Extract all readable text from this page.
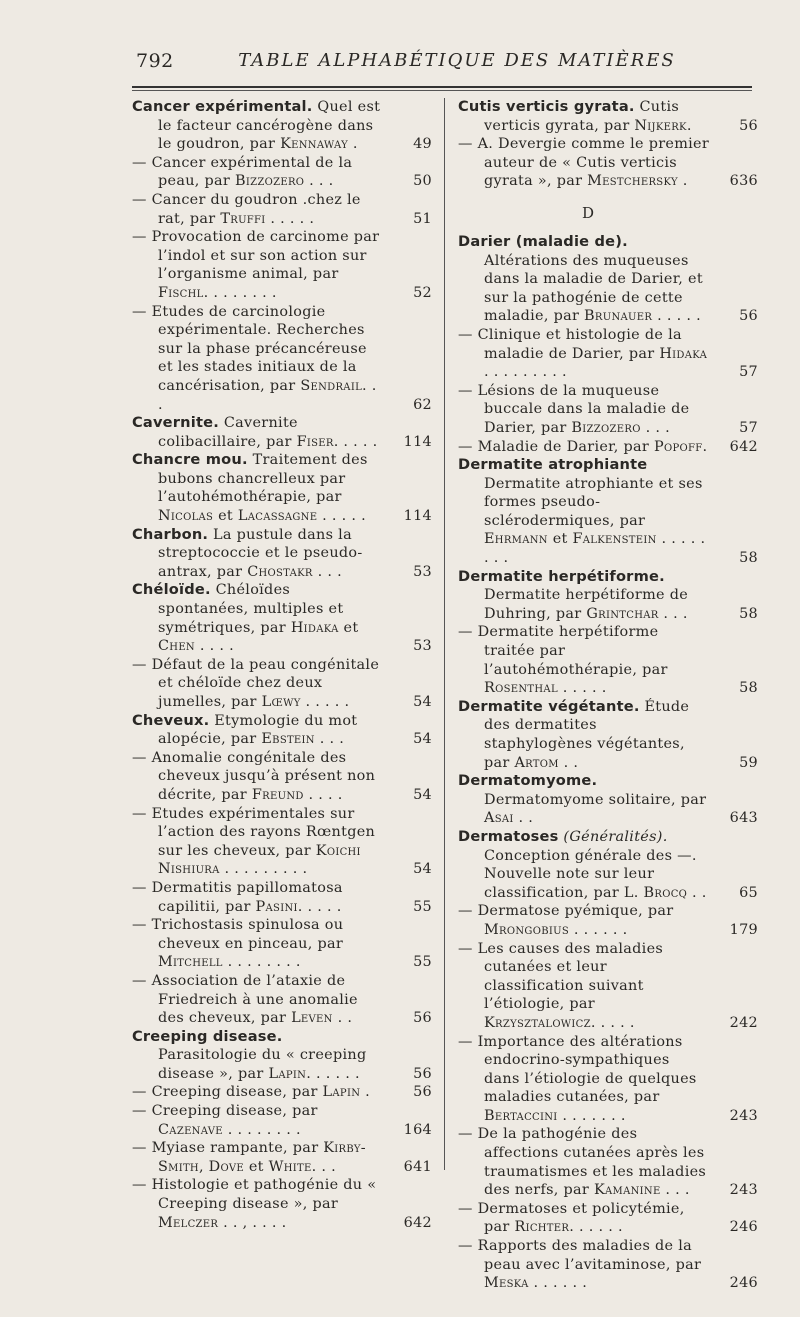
792	TABLE ALPHABÉTIQUE DES MATIÈRES

Cancer expérimental. Quel est le facteur cancérogène dans le goudron, par Kennaway .	49

— Cancer expérimental de la peau, par Bizzozero . . .	50

— Cancer du goudron .chez le rat, par Truffi . . . . .	51

— Provocation de carcinome par l’indol et sur son action sur l’organisme animal, par Fischl. . . . . . . .	52

— Etudes de carcinologie expérimentale. Recherches sur la phase précancéreuse et les stades initiaux de la cancérisation, par Sendrail. . .	62

Cavernite. Cavernite colibacillaire, par Fiser. . . . .	114

Chancre mou. Traitement des bubons chancrelleux par l’autohémothérapie, par Nicolas et Lacassagne . . . . .	114

Charbon. La pustule dans la streptococcie et le pseudo-antrax, par Chostakr . . .	53

Chéloïde. Chéloïdes spontanées, multiples et symétriques, par Hidaka et Chen . . . .	53

— Défaut de la peau congénitale et chéloïde chez deux jumelles, par Lœwy . . . . .	54

Cheveux. Etymologie du mot alopécie, par Ebstein . . .	54

— Anomalie congénitale des cheveux jusqu’à présent non décrite, par Freund . . . .	54

— Etudes expérimentales sur l’action des rayons Rœntgen sur les cheveux, par Koichi Nishiura . . . . . . . . .	54

— Dermatitis papillomatosa capilitii, par Pasini. . . . .	55

— Trichostasis spinulosa ou cheveux en pinceau, par Mitchell . . . . . . . .	55

— Association de l’ataxie de Friedreich à une anomalie des cheveux, par Leven . .	56

Creeping disease. Parasitologie du « creeping disease », par Lapin. . . . . .	56

— Creeping disease, par Lapin .	56

— Creeping disease, par Cazenave . . . . . . . .	164

— Myiase rampante, par Kirby-Smith, Dove et White. . .	641

— Histologie et pathogénie du « Creeping disease », par Melczer . . , . . . .	642

Cutis verticis gyrata. Cutis verticis gyrata, par Nijkerk.	56

— A. Devergie comme le premier auteur de « Cutis verticis gyrata », par Mestchersky .	636

D

Darier (maladie de). Altérations des muqueuses dans la maladie de Darier, et sur la pathogénie de cette maladie, par Brunauer . . . . .	56

— Clinique et histologie de la maladie de Darier, par Hidaka . . . . . . . . .	57

— Lésions de la muqueuse buccale dans la maladie de Darier, par Bizzozero . . .	57

— Maladie de Darier, par Popoff.	642

Dermatite atrophiante Dermatite atrophiante et ses formes pseudo-sclérodermiques, par Ehrmann et Falkenstein . . . . . . . .	58

Dermatite herpétiforme. Dermatite herpétiforme de Duhring, par Grintchar . . .	58

— Dermatite herpétiforme traitée par l’autohémothérapie, par Rosenthal . . . . .	58

Dermatite végétante. Étude des dermatites staphylogènes végétantes, par Artom . .	59

Dermatomyome. Dermatomyome solitaire, par Asai . .	643

Dermatoses (Généralités). Conception générale des —. Nouvelle note sur leur classification, par L. Brocq . .	65

— Dermatose pyémique, par Mrongobius . . . . . .	179

— Les causes des maladies cutanées et leur classification suivant l’étiologie, par Krzysztalowicz. . . . .	242

— Importance des altérations endocrino-sympathiques dans l’étiologie de quelques maladies cutanées, par Bertaccini . . . . . . .	243

— De la pathogénie des affections cutanées après les traumatismes et les maladies des nerfs, par Kamanine . . .	243

— Dermatoses et policytémie, par Richter. . . . . .	246

— Rapports des maladies de la peau avec l’avitaminose, par Meska . . . . . .	246
